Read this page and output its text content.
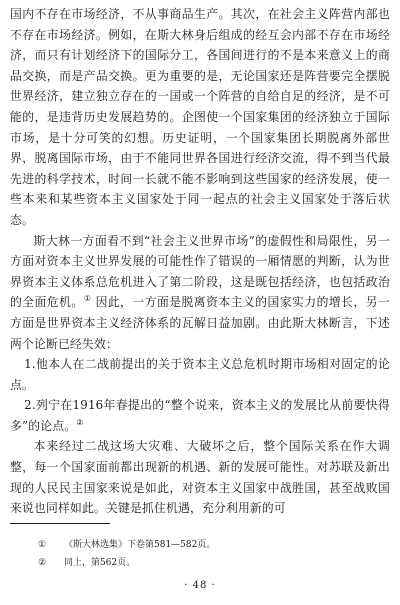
国内不存在市场经济，不从事商品生产。其次，在社会主义阵营内部也不存在市场经济。例如，在斯大林身后组成的经互会内部不存在市场经济，而只有计划经济下的国际分工，各国间进行的不是本来意义上的商品交换，而是产品交换。更为重要的是，无论国家还是阵营要完全摆脱世界经济，建立独立存在的一国或一个阵营的自给自足的经济，是不可能的，是违背历史发展趋势的。企图使一个国家集团的经济独立于国际市场，是十分可笑的幻想。历史证明，一个国家集团长期脱离外部世界，脱离国际市场，由于不能同世界各国进行经济交流，得不到当代最先进的科学技术，时间一长就不能不影响到这些国家的经济发展，使一些本来和某些资本主义国家处于同一起点的社会主义国家处于落后状态。

斯大林一方面看不到“社会主义世界市场”的虚假性和局限性，另一方面对资本主义世界发展的可能性作了错误的一厢情愿的判断，认为世界资本主义体系总危机进入了第二阶段，这是既包括经济，也包括政治的全面危机。① 因此，一方面是脱离资本主义的国家实力的增长，另一方面是世界资本主义经济体系的瓦解日益加剧。由此斯大林断言，下述两个论断已经失效：

1.他本人在二战前提出的关于资本主义总危机时期市场相对固定的论点。

2.列宁在1916年春提出的“整个说来，资本主义的发展比从前要快得多”的论点。②

本来经过二战这场大灾难、大破坏之后，整个国际关系在作大调整，每一个国家面前都出现新的机遇、新的发展可能性。对苏联及新出现的人民民主国家来说是如此，对资本主义国家中战胜国，甚至战败国来说也同样如此。关键是抓住机遇，充分利用新的可

① 《斯大林选集》下卷第581—582页。
② 同上，第562页。
· 48 ·
